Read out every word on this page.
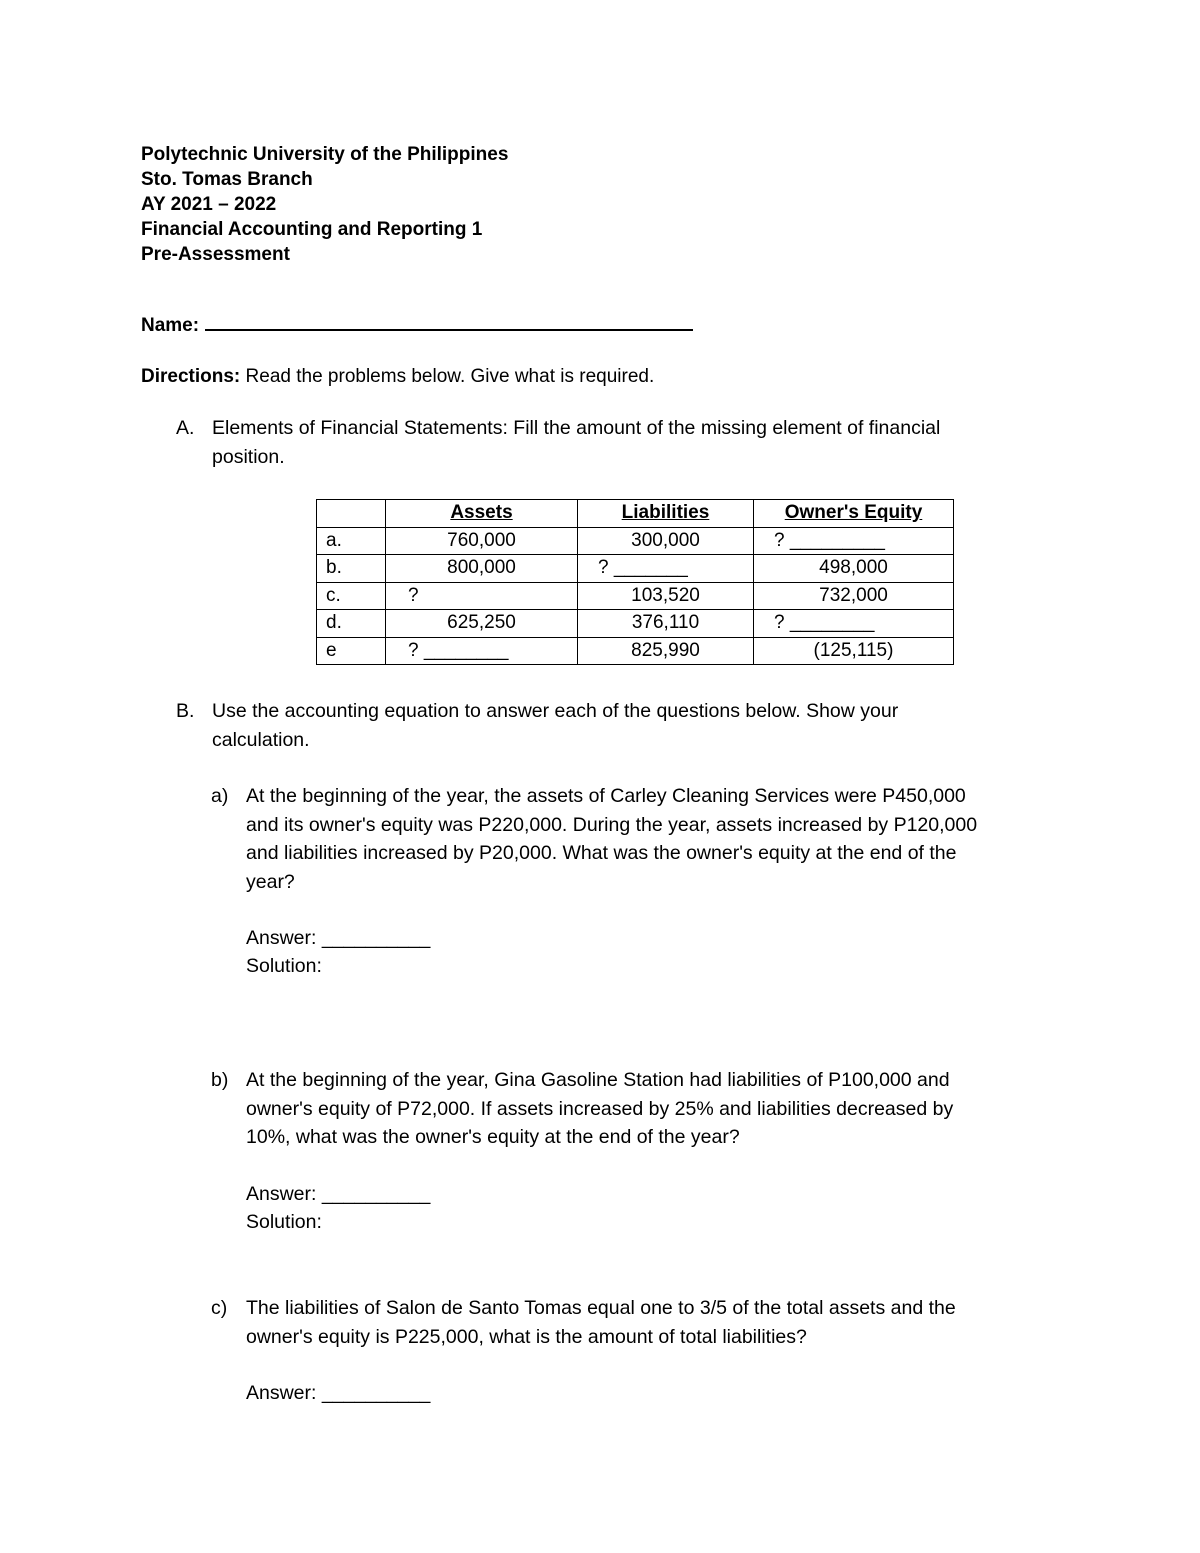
Polytechnic University of the Philippines
Sto. Tomas Branch
AY 2021 – 2022
Financial Accounting and Reporting 1
Pre-Assessment
Name:
Directions: Read the problems below. Give what is required.
A. Elements of Financial Statements: Fill the amount of the missing element of financial
position.
	Assets	Liabilities	Owner's Equity
a.	760,000	300,000	? _________
b.	800,000	? _______	498,000
c.	?	103,520	732,000
d.	625,250	376,110	? ________
e	? ________	825,990	(125,115)
B. Use the accounting equation to answer each of the questions below. Show your
calculation.
a) At the beginning of the year, the assets of Carley Cleaning Services were P450,000
and its owner's equity was P220,000. During the year, assets increased by P120,000
and liabilities increased by P20,000. What was the owner's equity at the end of the
year?
Answer: __________
Solution:
b) At the beginning of the year, Gina Gasoline Station had liabilities of P100,000 and
owner's equity of P72,000. If assets increased by 25% and liabilities decreased by
10%, what was the owner's equity at the end of the year?
Answer: __________
Solution:
c) The liabilities of Salon de Santo Tomas equal one to 3/5 of the total assets and the
owner's equity is P225,000, what is the amount of total liabilities?
Answer: __________
